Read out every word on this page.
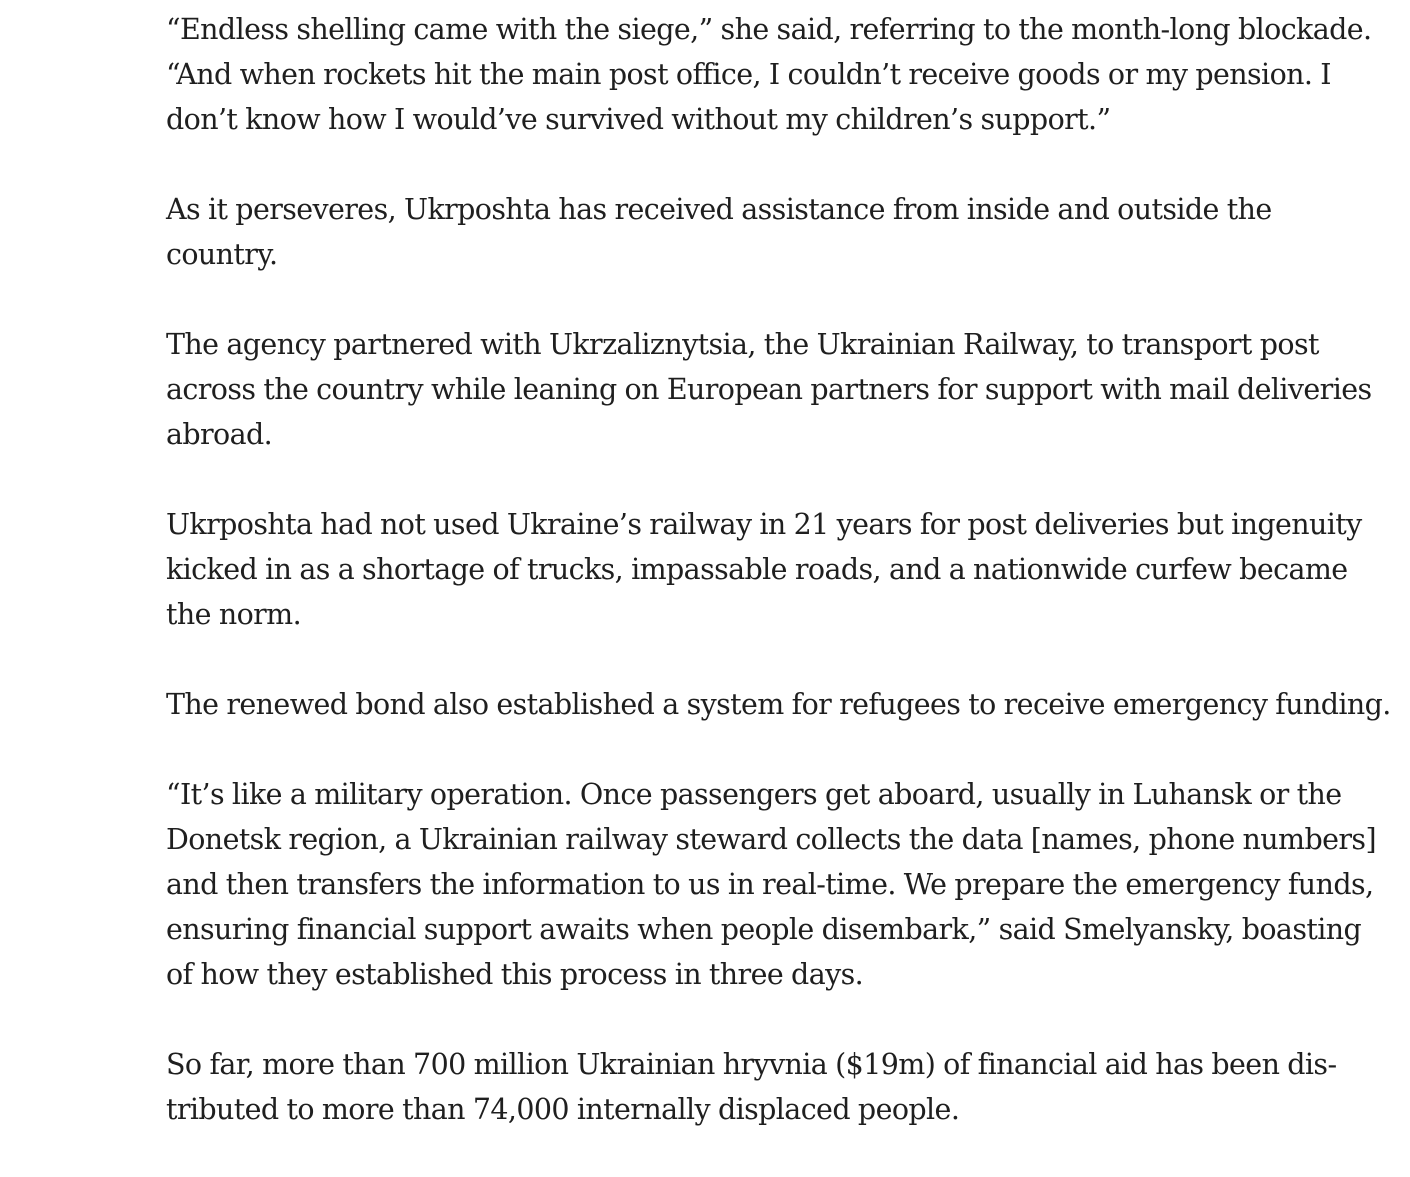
“Endless shelling came with the siege,” she said, referring to the month-long blockade.
“And when rockets hit the main post office, I couldn’t receive goods or my pension. I
don’t know how I would’ve survived without my children’s support.”

As it perseveres, Ukrposhta has received assistance from inside and outside the
country.

The agency partnered with Ukrzaliznytsia, the Ukrainian Railway, to transport post
across the country while leaning on European partners for support with mail deliveries
abroad.

Ukrposhta had not used Ukraine’s railway in 21 years for post deliveries but ingenuity
kicked in as a shortage of trucks, impassable roads, and a nationwide curfew became
the norm.

The renewed bond also established a system for refugees to receive emergency funding.

“It’s like a military operation. Once passengers get aboard, usually in Luhansk or the
Donetsk region, a Ukrainian railway steward collects the data [names, phone numbers]
and then transfers the information to us in real-time. We prepare the emergency funds,
ensuring financial support awaits when people disembark,” said Smelyansky, boasting
of how they established this process in three days.

So far, more than 700 million Ukrainian hryvnia ($19m) of financial aid has been dis-
tributed to more than 74,000 internally displaced people.
